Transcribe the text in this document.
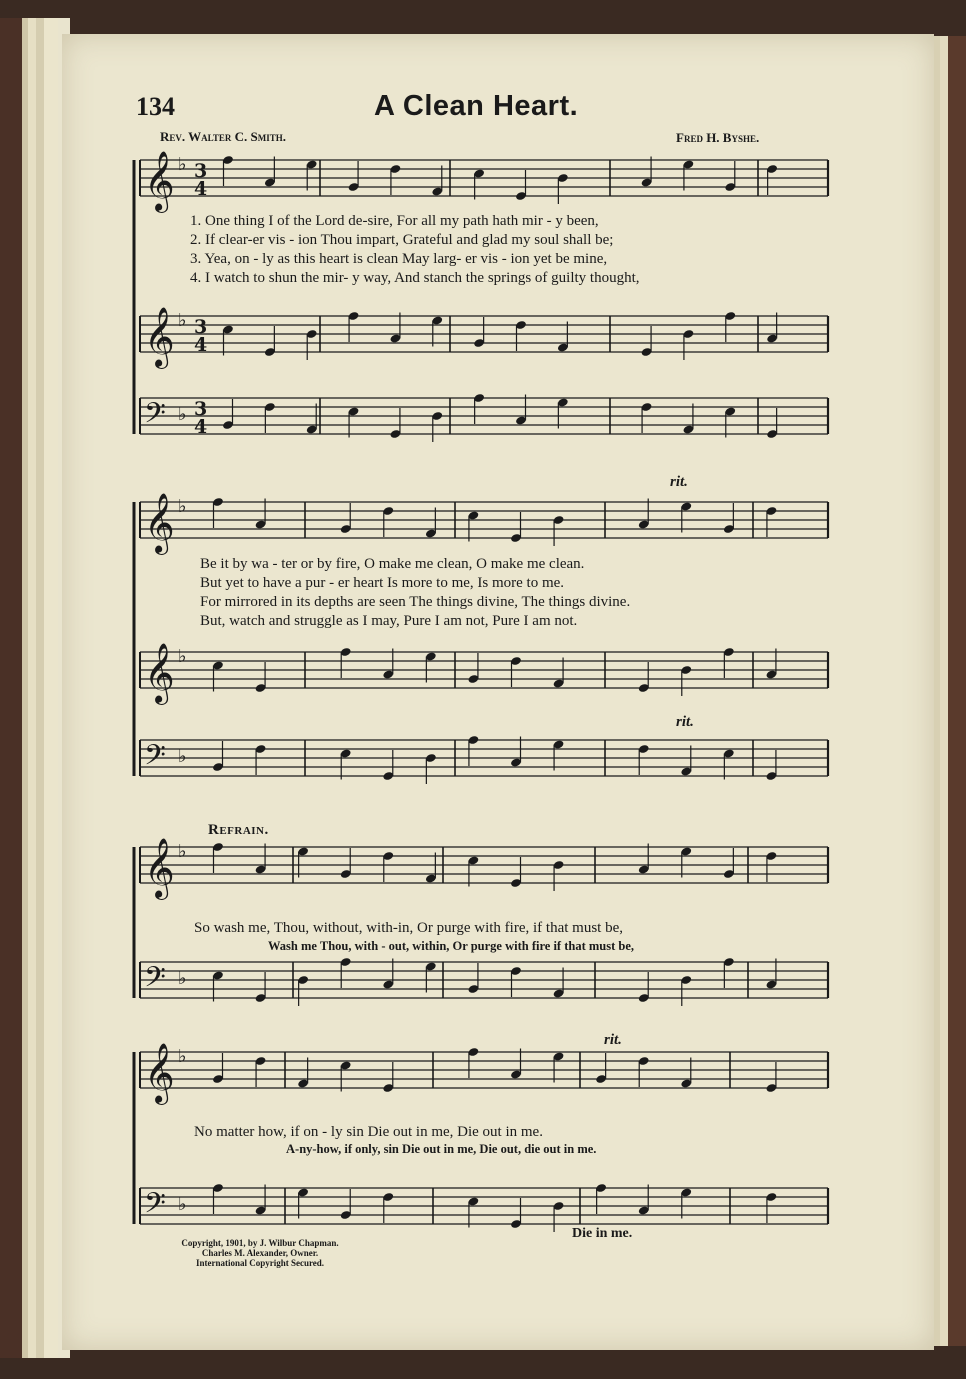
134	A Clean Heart.
Rev. Walter C. Smith.	Fred H. Byshe.
𝄞 ♭ 3
4
𝄞 ♭ 3
4
𝄢 ♭ 3
4
𝄞 ♭
𝄞 ♭
𝄢 ♭
𝄞 ♭
𝄢 ♭
𝄞 ♭
𝄢 ♭
1. One thing I of the Lord de-sire, For all my path hath mir - y been,
2. If clear-er vis - ion Thou impart, Grateful and glad my soul shall be;
3. Yea, on - ly as this heart is clean May larg- er vis - ion yet be mine,
4. I watch to shun the mir- y way, And stanch the springs of guilty thought,
Be it by wa - ter or by fire, O make me clean, O make me clean.
But yet to have a pur - er heart Is more to me, Is more to me.
For mirrored in its depths are seen The things divine, The things divine.
But, watch and struggle as I may, Pure I am not, Pure I am not.
Refrain.
So wash me, Thou, without, with-in, Or purge with fire, if that must be,
Wash me Thou, with - out, within, Or purge with fire if that must be,
No matter how, if on - ly sin Die out in me, Die out in me.
A-ny-how, if only, sin Die out in me, Die out, die out in me.
rit.
rit.
rit.
Die in me.
Copyright, 1901, by J. Wilbur Chapman.
Charles M. Alexander, Owner.
International Copyright Secured.
